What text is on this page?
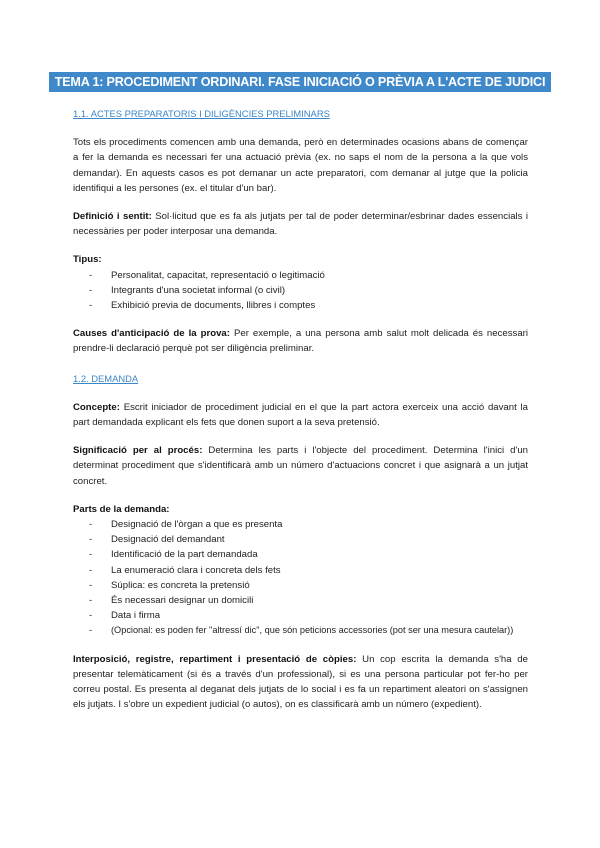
TEMA 1: PROCEDIMENT ORDINARI. FASE INICIACIÓ O PRÈVIA A L'ACTE DE JUDICI

1.1. ACTES PREPARATORIS I DILIGÈNCIES PRELIMINARS

Tots els procediments comencen amb una demanda, però en determinades ocasions abans de començar a fer la demanda es necessari fer una actuació prèvia (ex. no saps el nom de la persona a la que vols demandar). En aquests casos es pot demanar un acte preparatori, com demanar al jutge que la policia identifiqui a les persones (ex. el titular d'un bar).

Definició i sentit: Sol·licitud que es fa als jutjats per tal de poder determinar/esbrinar dades essencials i necessàries per poder interposar una demanda.

Tipus:

- Personalitat, capacitat, representació o legitimació
- Integrants d'una societat informal (o civil)
- Exhibició previa de documents, llibres i comptes

Causes d'anticipació de la prova: Per exemple, a una persona amb salut molt delicada és necessari prendre-li declaració perquè pot ser diligència preliminar.

1.2. DEMANDA

Concepte: Escrit iniciador de procediment judicial en el que la part actora exerceix una acció davant la part demandada explicant els fets que donen suport a la seva pretensió.

Significació per al procés: Determina les parts i l'objecte del procediment. Determina l'inici d'un determinat procediment que s'identificarà amb un número d'actuacions concret i que asignarà a un jutjat concret.

Parts de la demanda:

- Designació de l'òrgan a que es presenta
- Designació del demandant
- Identificació de la part demandada
- La enumeració clara i concreta dels fets
- Súplica: es concreta la pretensió
- És necessari designar un domicili
- Data i firma
- (Opcional: es poden fer "altressí dic", que són peticions accessories (pot ser una mesura cautelar))

Interposició, registre, repartiment i presentació de còpies: Un cop escrita la demanda s'ha de presentar telemàticament (si és a través d'un professional), si es una persona particular pot fer-ho per correu postal. Es presenta al deganat dels jutjats de lo social i es fa un repartiment aleatori on s'assignen els jutjats. I s'obre un expedient judicial (o autos), on es classificarà amb un número (expedient).
